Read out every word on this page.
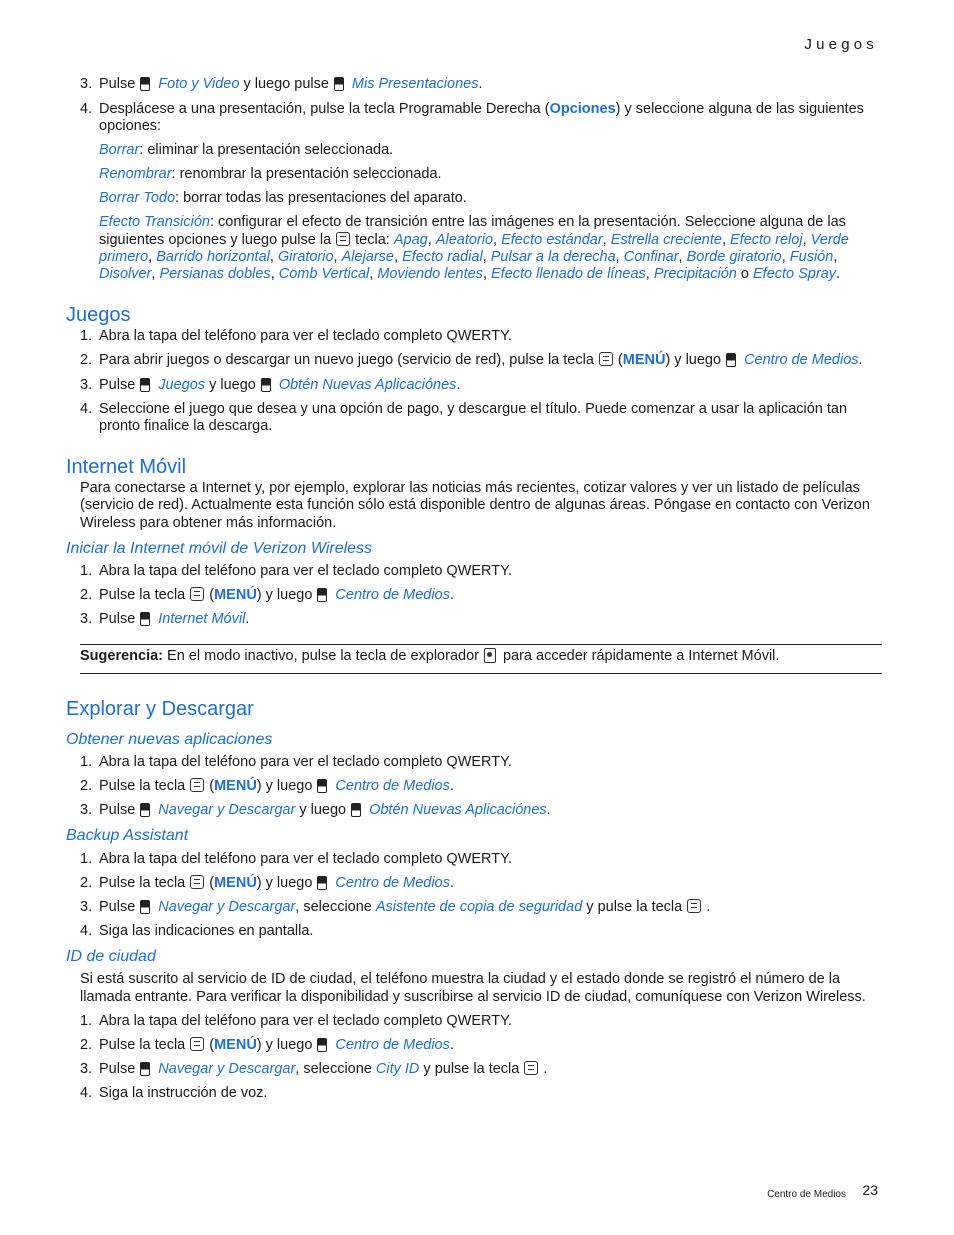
Juegos
3. Pulse Foto y Video y luego pulse Mis Presentaciones.
4. Desplácese a una presentación, pulse la tecla Programable Derecha (Opciones) y seleccione alguna de las siguientes
opciones:
Borrar: eliminar la presentación seleccionada.
Renombrar: renombrar la presentación seleccionada.
Borrar Todo: borrar todas las presentaciones del aparato.
Efecto Transición: configurar el efecto de transición entre las imágenes en la presentación. Seleccione alguna de las
siguientes opciones y luego pulse la tecla: Apag, Aleatorio, Efecto estándar, Estrella creciente, Efecto reloj, Verde
primero, Barrido horizontal, Giratorio, Alejarse, Efecto radial, Pulsar a la derecha, Confinar, Borde giratorio, Fusión,
Disolver, Persianas dobles, Comb Vertical, Moviendo lentes, Efecto llenado de líneas, Precipitación o Efecto Spray.
Juegos
1. Abra la tapa del teléfono para ver el teclado completo QWERTY.
2. Para abrir juegos o descargar un nuevo juego (servicio de red), pulse la tecla (MENÚ) y luego Centro de Medios.
3. Pulse Juegos y luego Obtén Nuevas Aplicaciónes.
4. Seleccione el juego que desea y una opción de pago, y descargue el título. Puede comenzar a usar la aplicación tan
pronto finalice la descarga.
Internet Móvil
Para conectarse a Internet y, por ejemplo, explorar las noticias más recientes, cotizar valores y ver un listado de películas
(servicio de red). Actualmente esta función sólo está disponible dentro de algunas áreas. Póngase en contacto con Verizon
Wireless para obtener más información.
Iniciar la Internet móvil de Verizon Wireless
1. Abra la tapa del teléfono para ver el teclado completo QWERTY.
2. Pulse la tecla (MENÚ) y luego Centro de Medios.
3. Pulse Internet Móvil.
Sugerencia: En el modo inactivo, pulse la tecla de explorador para acceder rápidamente a Internet Móvil.
Explorar y Descargar
Obtener nuevas aplicaciones
1. Abra la tapa del teléfono para ver el teclado completo QWERTY.
2. Pulse la tecla (MENÚ) y luego Centro de Medios.
3. Pulse Navegar y Descargar y luego Obtén Nuevas Aplicaciónes.
Backup Assistant
1. Abra la tapa del teléfono para ver el teclado completo QWERTY.
2. Pulse la tecla (MENÚ) y luego Centro de Medios.
3. Pulse Navegar y Descargar, seleccione Asistente de copia de seguridad y pulse la tecla .
4. Siga las indicaciones en pantalla.
ID de ciudad
Si está suscrito al servicio de ID de ciudad, el teléfono muestra la ciudad y el estado donde se registró el número de la
llamada entrante. Para verificar la disponibilidad y suscribirse al servicio ID de ciudad, comuníquese con Verizon Wireless.
1. Abra la tapa del teléfono para ver el teclado completo QWERTY.
2. Pulse la tecla (MENÚ) y luego Centro de Medios.
3. Pulse Navegar y Descargar, seleccione City ID y pulse la tecla .
4. Siga la instrucción de voz.
Centro de Medios 23
